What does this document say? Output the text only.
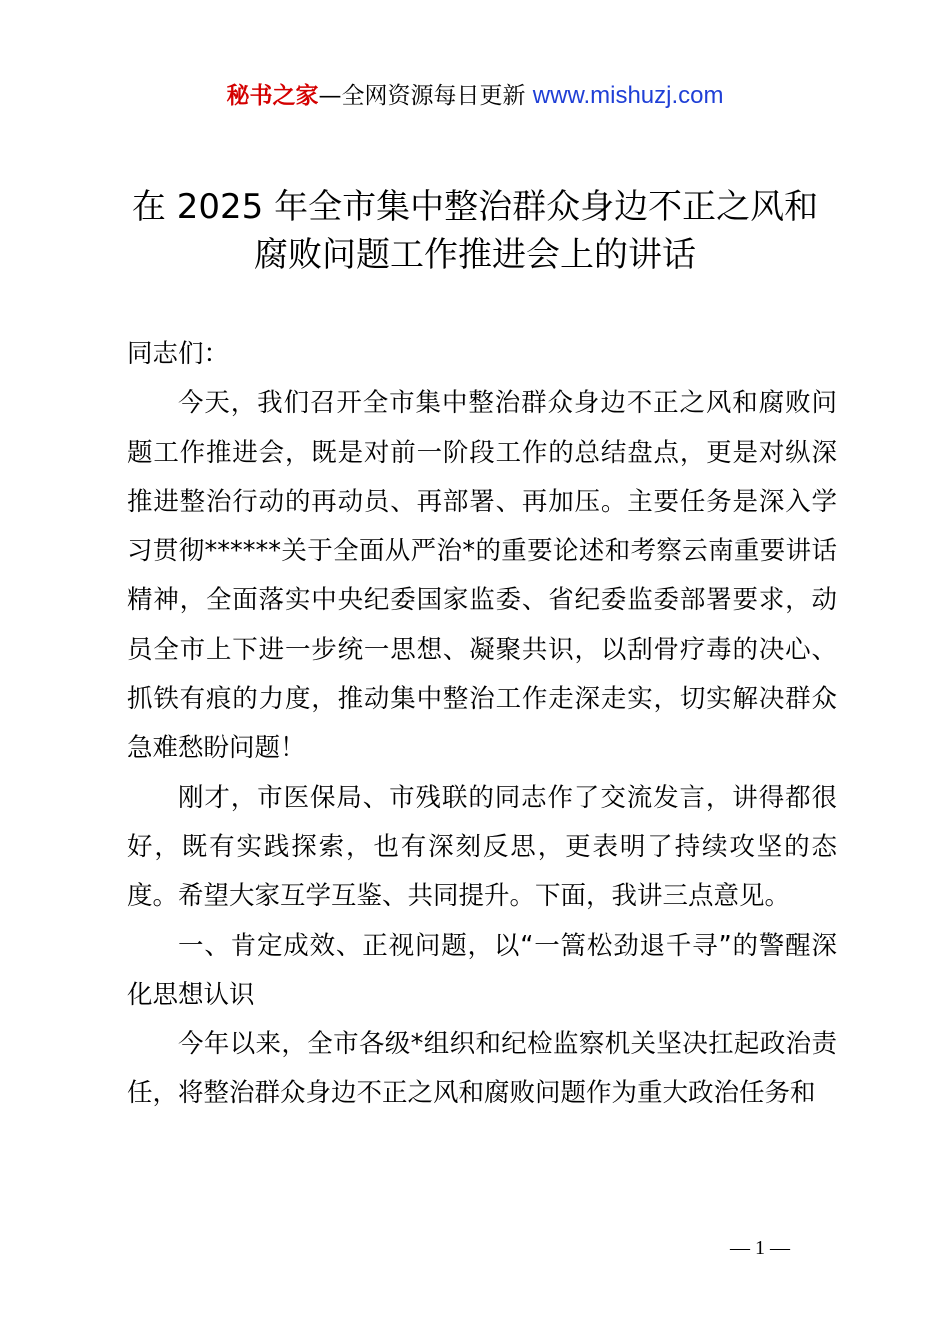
秘书之家—全网资源每日更新 www.mishuzj.com
在 2025 年全市集中整治群众身边不正之风和
腐败问题工作推进会上的讲话

同志们：

今天，我们召开全市集中整治群众身边不正之风和腐败问题工作推进会，既是对前一阶段工作的总结盘点，更是对纵深推进整治行动的再动员、再部署、再加压。主要任务是深入学习贯彻******关于全面从严治*的重要论述和考察云南重要讲话精神，全面落实中央纪委国家监委、省纪委监委部署要求，动员全市上下进一步统一思想、凝聚共识，以刮骨疗毒的决心、抓铁有痕的力度，推动集中整治工作走深走实，切实解决群众急难愁盼问题！

刚才，市医保局、市残联的同志作了交流发言，讲得都很好，既有实践探索，也有深刻反思，更表明了持续攻坚的态度。希望大家互学互鉴、共同提升。下面，我讲三点意见。

一、肯定成效、正视问题，以“一篙松劲退千寻”的警醒深化思想认识

今年以来，全市各级*组织和纪检监察机关坚决扛起政治责任，将整治群众身边不正之风和腐败问题作为重大政治任务和

— 1 —
